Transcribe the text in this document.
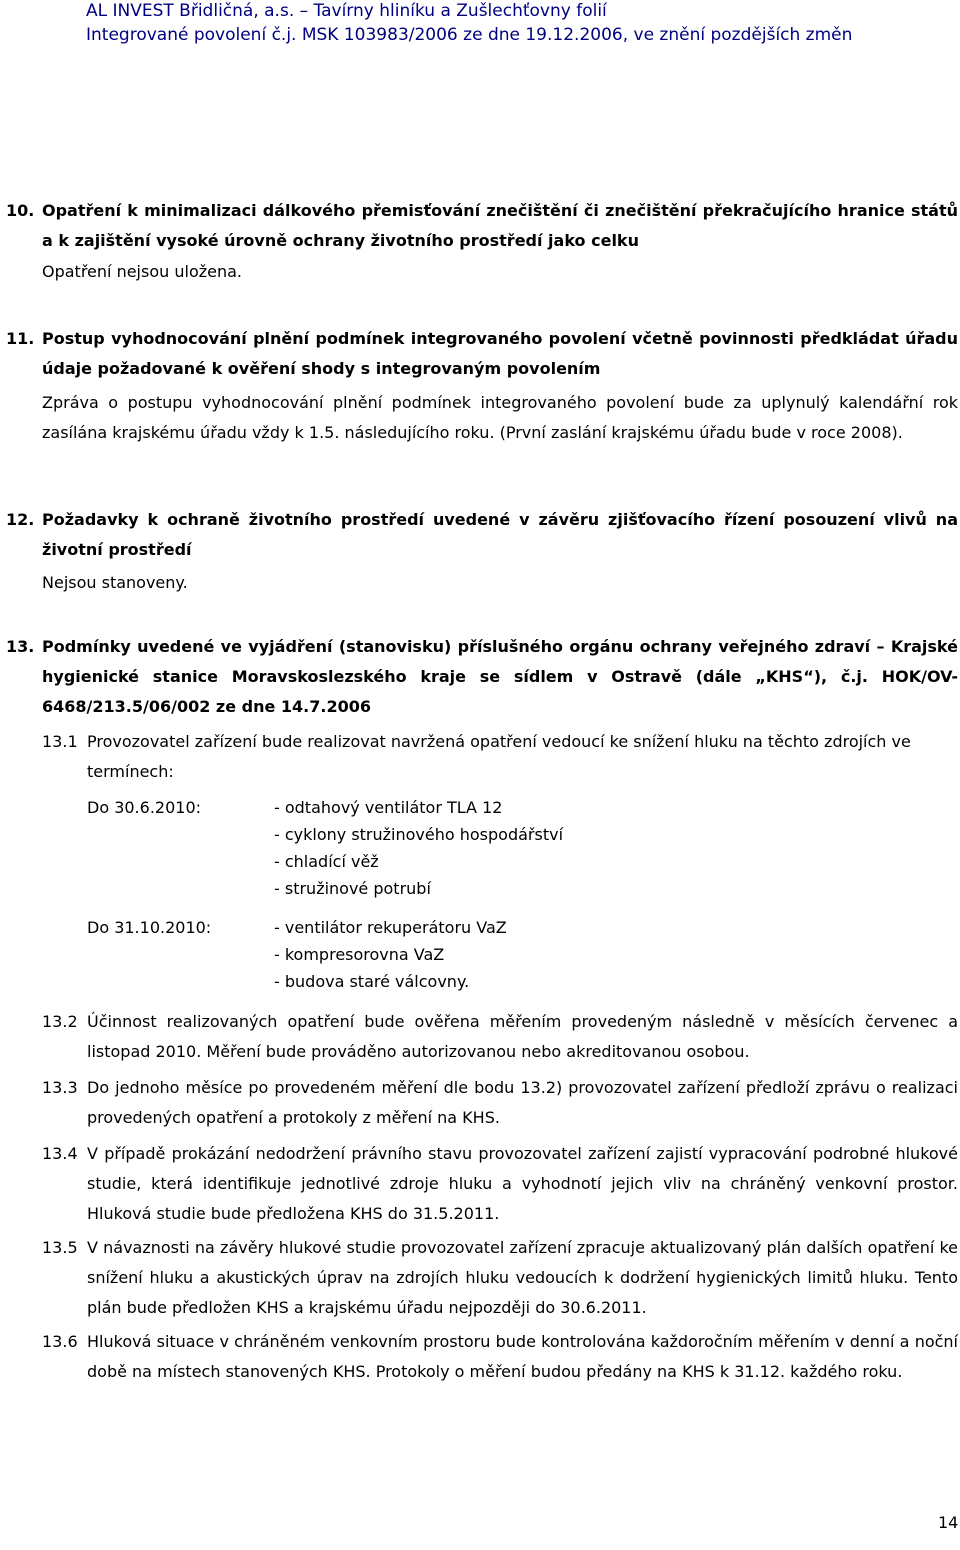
AL INVEST Břidličná, a.s. – Tavírny hliníku a Zušlechťovny folií
Integrované povolení č.j. MSK 103983/2006 ze dne 19.12.2006, ve znění pozdějších změn
10. Opatření k minimalizaci dálkového přemisťování znečištění či znečištění překračujícího hranice států a k zajištění vysoké úrovně ochrany životního prostředí jako celku
Opatření nejsou uložena.
11. Postup vyhodnocování plnění podmínek integrovaného povolení včetně povinnosti předkládat úřadu údaje požadované k ověření shody s integrovaným povolením
Zpráva o postupu vyhodnocování plnění podmínek integrovaného povolení bude za uplynulý kalendářní rok zasílána krajskému úřadu vždy k 1.5. následujícího roku. (První zaslání krajskému úřadu bude v roce 2008).
12. Požadavky k ochraně životního prostředí uvedené v závěru zjišťovacího řízení posouzení vlivů na životní prostředí
Nejsou stanoveny.
13. Podmínky uvedené ve vyjádření (stanovisku) příslušného orgánu ochrany veřejného zdraví – Krajské hygienické stanice Moravskoslezského kraje se sídlem v Ostravě (dále „KHS“), č.j. HOK/OV-6468/213.5/06/002 ze dne 14.7.2006
13.1 Provozovatel zařízení bude realizovat navržená opatření vedoucí ke snížení hluku na těchto zdrojích ve termínech:
Do 30.6.2010:	- odtahový ventilátor TLA 12
- cyklony stružinového hospodářství
- chladící věž
- stružinové potrubí
Do 31.10.2010:	- ventilátor rekuperátoru VaZ
- kompresorovna VaZ
- budova staré válcovny.
13.2 Účinnost realizovaných opatření bude ověřena měřením provedeným následně v měsících červenec a listopad 2010. Měření bude prováděno autorizovanou nebo akreditovanou osobou.
13.3 Do jednoho měsíce po provedeném měření dle bodu 13.2) provozovatel zařízení předloží zprávu o realizaci provedených opatření a protokoly z měření na KHS.
13.4 V případě prokázání nedodržení právního stavu provozovatel zařízení zajistí vypracování podrobné hlukové studie, která identifikuje jednotlivé zdroje hluku a vyhodnotí jejich vliv na chráněný venkovní prostor. Hluková studie bude předložena KHS do 31.5.2011.
13.5 V návaznosti na závěry hlukové studie provozovatel zařízení zpracuje aktualizovaný plán dalších opatření ke snížení hluku a akustických úprav na zdrojích hluku vedoucích k dodržení hygienických limitů hluku. Tento plán bude předložen KHS a krajskému úřadu nejpozději do 30.6.2011.
13.6 Hluková situace v chráněném venkovním prostoru bude kontrolována každoročním měřením v denní a noční době na místech stanovených KHS. Protokoly o měření budou předány na KHS k 31.12. každého roku.
14
